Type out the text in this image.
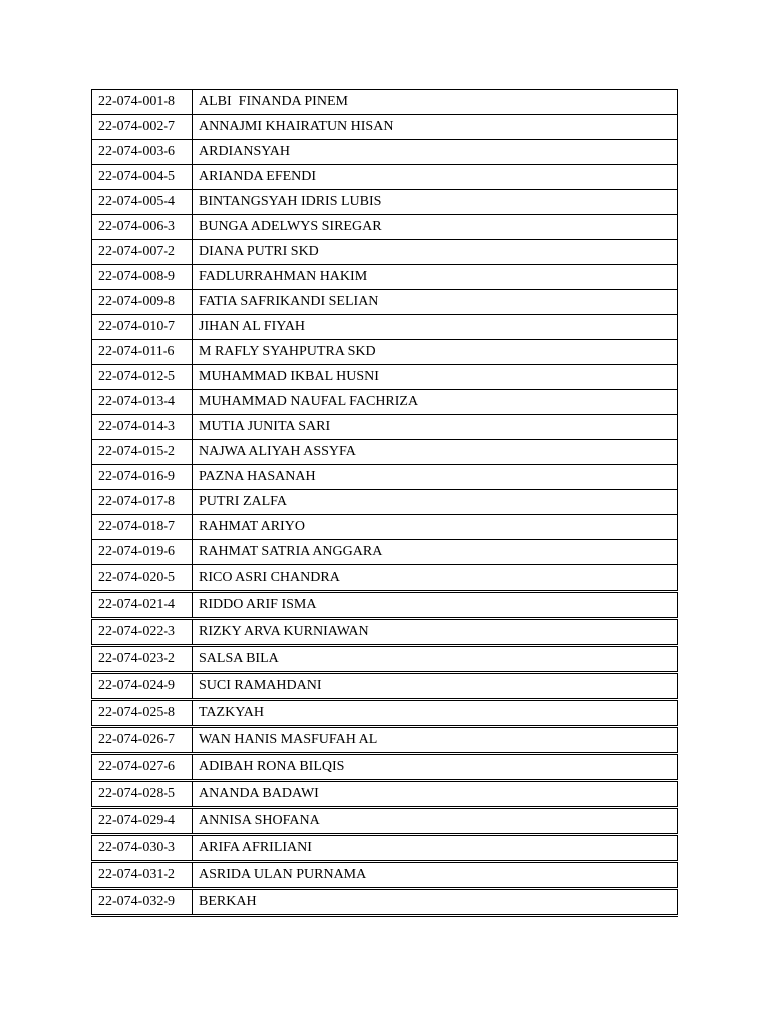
22-074-001-8	ALBI  FINANDA PINEM
22-074-002-7	ANNAJMI KHAIRATUN HISAN
22-074-003-6	ARDIANSYAH
22-074-004-5	ARIANDA EFENDI
22-074-005-4	BINTANGSYAH IDRIS LUBIS
22-074-006-3	BUNGA ADELWYS SIREGAR
22-074-007-2	DIANA PUTRI SKD
22-074-008-9	FADLURRAHMAN HAKIM
22-074-009-8	FATIA SAFRIKANDI SELIAN
22-074-010-7	JIHAN AL FIYAH
22-074-011-6	M RAFLY SYAHPUTRA SKD
22-074-012-5	MUHAMMAD IKBAL HUSNI
22-074-013-4	MUHAMMAD NAUFAL FACHRIZA
22-074-014-3	MUTIA JUNITA SARI
22-074-015-2	NAJWA ALIYAH ASSYFA
22-074-016-9	PAZNA HASANAH
22-074-017-8	PUTRI ZALFA
22-074-018-7	RAHMAT ARIYO
22-074-019-6	RAHMAT SATRIA ANGGARA
22-074-020-5	RICO ASRI CHANDRA
22-074-021-4	RIDDO ARIF ISMA
22-074-022-3	RIZKY ARVA KURNIAWAN
22-074-023-2	SALSA BILA
22-074-024-9	SUCI RAMAHDANI
22-074-025-8	TAZKYAH
22-074-026-7	WAN HANIS MASFUFAH AL
22-074-027-6	ADIBAH RONA BILQIS
22-074-028-5	ANANDA BADAWI
22-074-029-4	ANNISA SHOFANA
22-074-030-3	ARIFA AFRILIANI
22-074-031-2	ASRIDA ULAN PURNAMA
22-074-032-9	BERKAH
